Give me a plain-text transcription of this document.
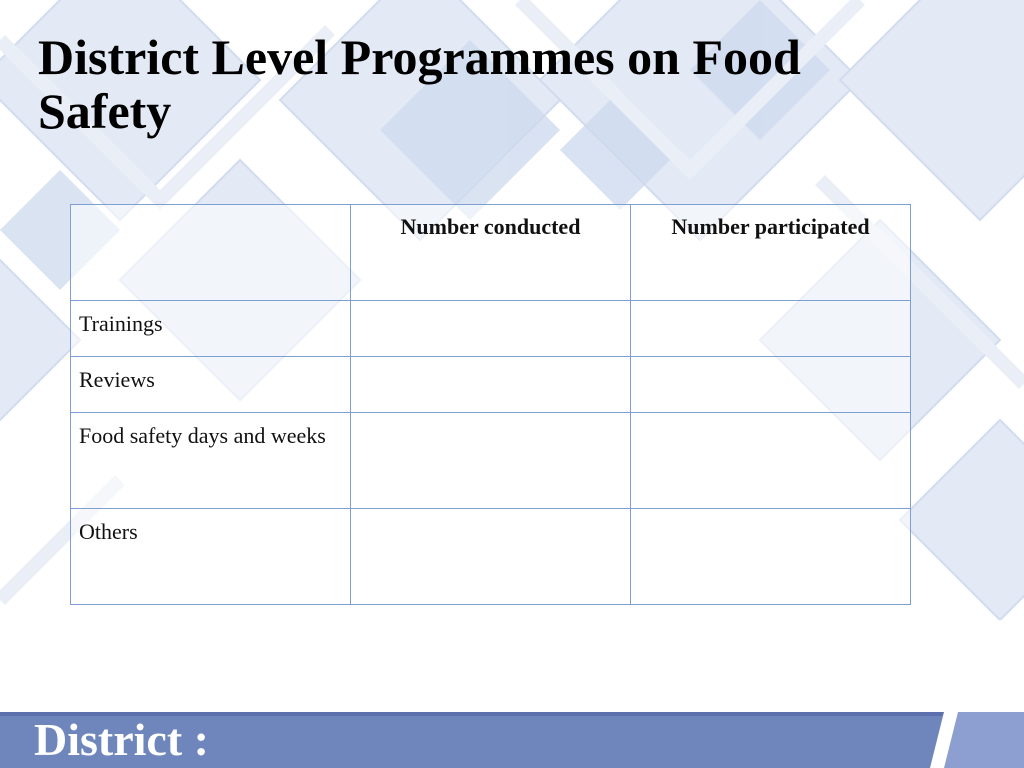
District Level Programmes on Food Safety
	Number conducted	Number participated
Trainings		
Reviews		
Food safety days and weeks		
Others		
District :
